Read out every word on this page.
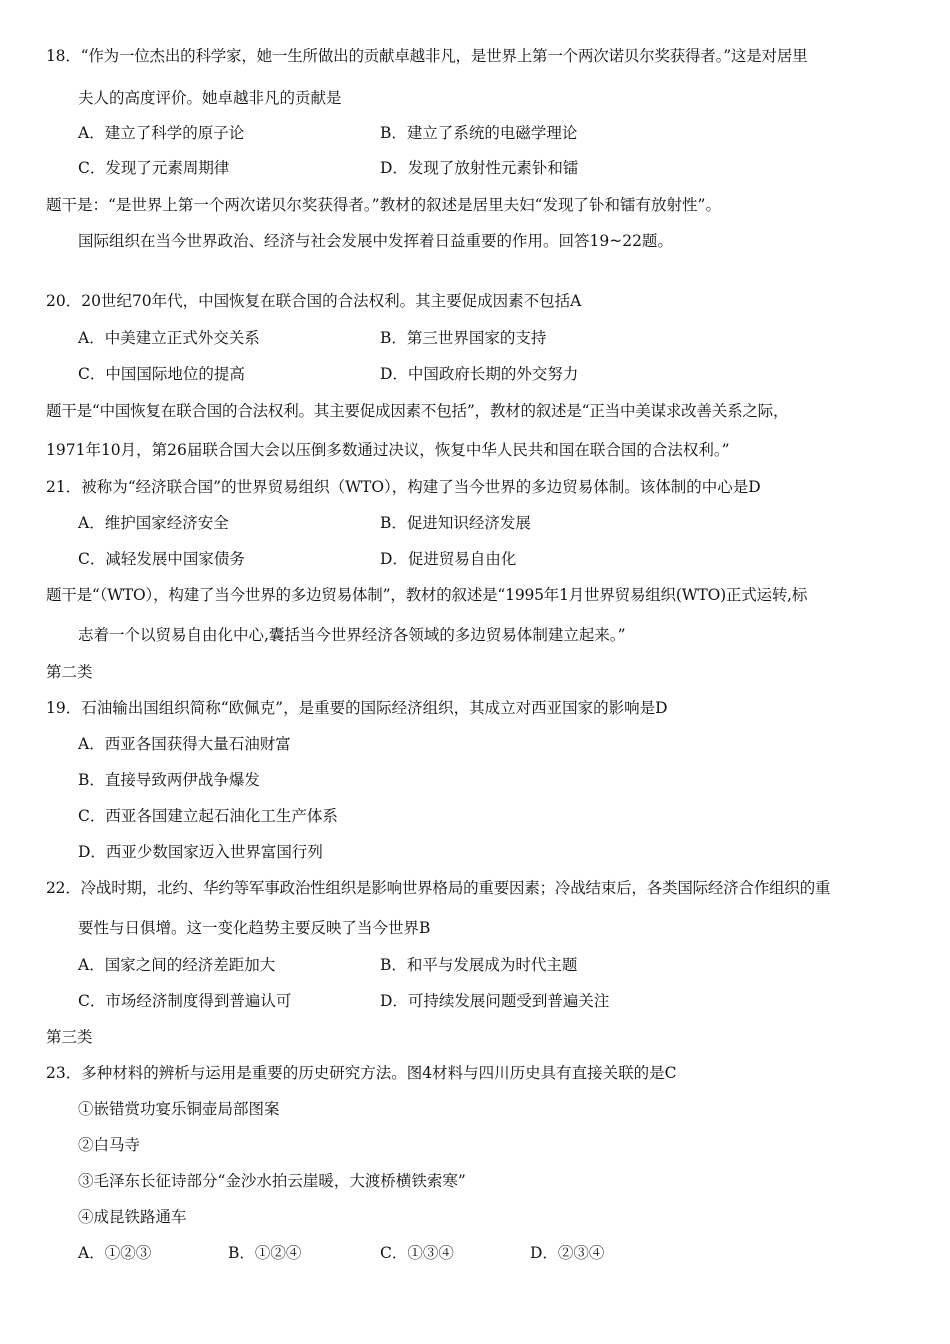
18．“作为一位杰出的科学家，她一生所做出的贡献卓越非凡，是世界上第一个两次诺贝尔奖获得者。”这是对居里
夫人的高度评价。她卓越非凡的贡献是
A．建立了科学的原子论	B．建立了系统的电磁学理论
C．发现了元素周期律	D．发现了放射性元素钋和镭
题干是：“是世界上第一个两次诺贝尔奖获得者。”教材的叙述是居里夫妇“发现了钋和镭有放射性”。
国际组织在当今世界政治、经济与社会发展中发挥着日益重要的作用。回答19~22题。
20．20世纪70年代，中国恢复在联合国的合法权利。其主要促成因素不包括A
A．中美建立正式外交关系	B．第三世界国家的支持
C．中国国际地位的提高	D．中国政府长期的外交努力
题干是“中国恢复在联合国的合法权利。其主要促成因素不包括”，教材的叙述是“正当中美谋求改善关系之际，
1971年10月，第26届联合国大会以压倒多数通过决议，恢复中华人民共和国在联合国的合法权利。”
21．被称为“经济联合国”的世界贸易组织（WTO），构建了当今世界的多边贸易体制。该体制的中心是D
A．维护国家经济安全	B．促进知识经济发展
C．减轻发展中国家债务	D．促进贸易自由化
题干是“（WTO），构建了当今世界的多边贸易体制”，教材的叙述是“1995年1月世界贸易组织(WTO)正式运转,标
志着一个以贸易自由化中心,囊括当今世界经济各领域的多边贸易体制建立起来。”
第二类
19．石油输出国组织简称“欧佩克”，是重要的国际经济组织，其成立对西亚国家的影响是D
A．西亚各国获得大量石油财富
B．直接导致两伊战争爆发
C．西亚各国建立起石油化工生产体系
D．西亚少数国家迈入世界富国行列
22．冷战时期，北约、华约等军事政治性组织是影响世界格局的重要因素；冷战结束后，各类国际经济合作组织的重
要性与日俱增。这一变化趋势主要反映了当今世界B
A．国家之间的经济差距加大	B．和平与发展成为时代主题
C．市场经济制度得到普遍认可	D．可持续发展问题受到普遍关注
第三类
23．多种材料的辨析与运用是重要的历史研究方法。图4材料与四川历史具有直接关联的是C
①嵌错赏功宴乐铜壶局部图案
②白马寺
③毛泽东长征诗部分“金沙水拍云崖暖，大渡桥横铁索寒”
④成昆铁路通车
A．①②③	B．①②④	C．①③④	D．②③④
